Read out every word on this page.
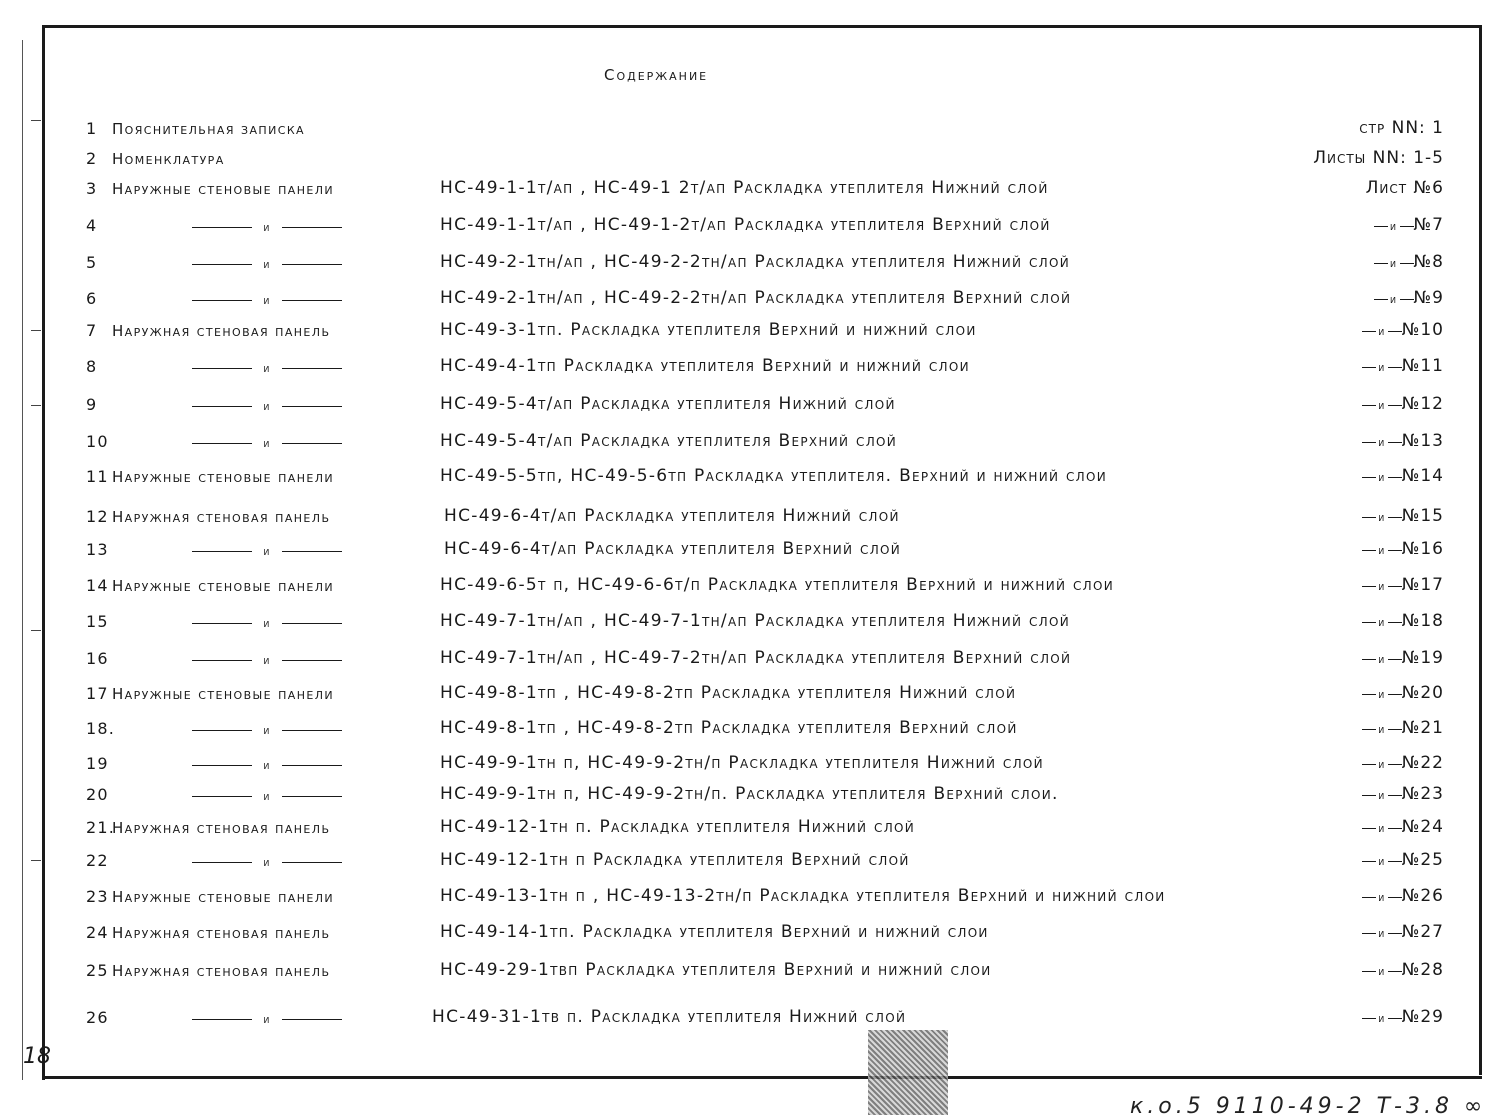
Содержание
1 Пояснительная записка	стр NN: 1
2 Номенклатура	Листы NN: 1-5
3 Наружные стеновые панели	НС-49-1-1т/ап , НС-49-1 2т/ап Раскладка утеплителя Нижний слой	Лист №6
4	и	НС-49-1-1т/ап , НС-49-1-2т/ап Раскладка утеплителя Верхний слой	и №7
5	и	НС-49-2-1тн/ап , НС-49-2-2тн/ап Раскладка утеплителя Нижний слой	и №8
6	и	НС-49-2-1тн/ап , НС-49-2-2тн/ап Раскладка утеплителя Верхний слой	и №9
7 Наружная стеновая панель	НС-49-3-1тп. Раскладка утеплителя Верхний и нижний слои	и №10
8	и	НС-49-4-1тп Раскладка утеплителя Верхний и нижний слои	и №11
9	и	НС-49-5-4т/ап Раскладка утеплителя Нижний слой	и №12
10	и	НС-49-5-4т/ап Раскладка утеплителя Верхний слой	и №13
11 Наружные стеновые панели	НС-49-5-5тп, НС-49-5-6тп Раскладка утеплителя. Верхний и нижний слои	и №14
12 Наружная стеновая панель	НС-49-6-4т/ап Раскладка утеплителя Нижний слой	и №15
13	и	НС-49-6-4т/ап Раскладка утеплителя Верхний слой	и №16
14 Наружные стеновые панели	НС-49-6-5т п, НС-49-6-6т/п Раскладка утеплителя Верхний и нижний слои	и №17
15	и	НС-49-7-1тн/ап , НС-49-7-1тн/ап Раскладка утеплителя Нижний слой	и №18
16	и	НС-49-7-1тн/ап , НС-49-7-2тн/ап Раскладка утеплителя Верхний слой	и №19
17 Наружные стеновые панели	НС-49-8-1тп , НС-49-8-2тп Раскладка утеплителя Нижний слой	и №20
18.	и	НС-49-8-1тп , НС-49-8-2тп Раскладка утеплителя Верхний слой	и №21
19	и	НС-49-9-1тн п, НС-49-9-2тн/п Раскладка утеплителя Нижний слой	и №22
20	и	НС-49-9-1тн п, НС-49-9-2тн/п. Раскладка утеплителя Верхний слои.	и №23
21.Наружная стеновая панель	НС-49-12-1тн п. Раскладка утеплителя Нижний слой	и №24
22	и	НС-49-12-1тн п Раскладка утеплителя Верхний слой	и №25
23 Наружные стеновые панели	НС-49-13-1тн п , НС-49-13-2тн/п Раскладка утеплителя Верхний и нижний слои	и №26
24 Наружная стеновая панель	НС-49-14-1тп. Раскладка утеплителя Верхний и нижний слои	и №27
25 Наружная стеновая панель	НС-49-29-1твп Раскладка утеплителя Верхний и нижний слои	и №28
26	и	НС-49-31-1тв п. Раскладка утеплителя Нижний слой	и №29
18
к.о.5 9110-49-2 Т-3.8 ∞
